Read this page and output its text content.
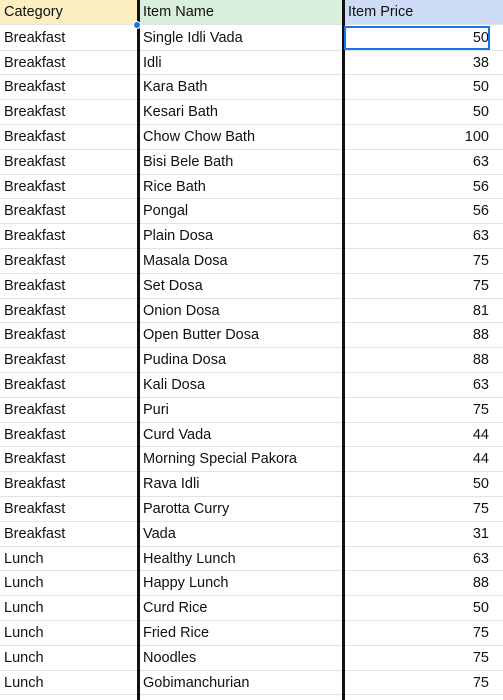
Category	Item Name	Item Price
Breakfast	Single Idli Vada	50
Breakfast	Idli	38
Breakfast	Kara Bath	50
Breakfast	Kesari Bath	50
Breakfast	Chow Chow Bath	100
Breakfast	Bisi Bele Bath	63
Breakfast	Rice Bath	56
Breakfast	Pongal	56
Breakfast	Plain Dosa	63
Breakfast	Masala Dosa	75
Breakfast	Set Dosa	75
Breakfast	Onion Dosa	81
Breakfast	Open Butter Dosa	88
Breakfast	Pudina Dosa	88
Breakfast	Kali Dosa	63
Breakfast	Puri	75
Breakfast	Curd Vada	44
Breakfast	Morning Special Pakora	44
Breakfast	Rava Idli	50
Breakfast	Parotta Curry	75
Breakfast	Vada	31
Lunch	Healthy Lunch	63
Lunch	Happy Lunch	88
Lunch	Curd Rice	50
Lunch	Fried Rice	75
Lunch	Noodles	75
Lunch	Gobimanchurian	75
